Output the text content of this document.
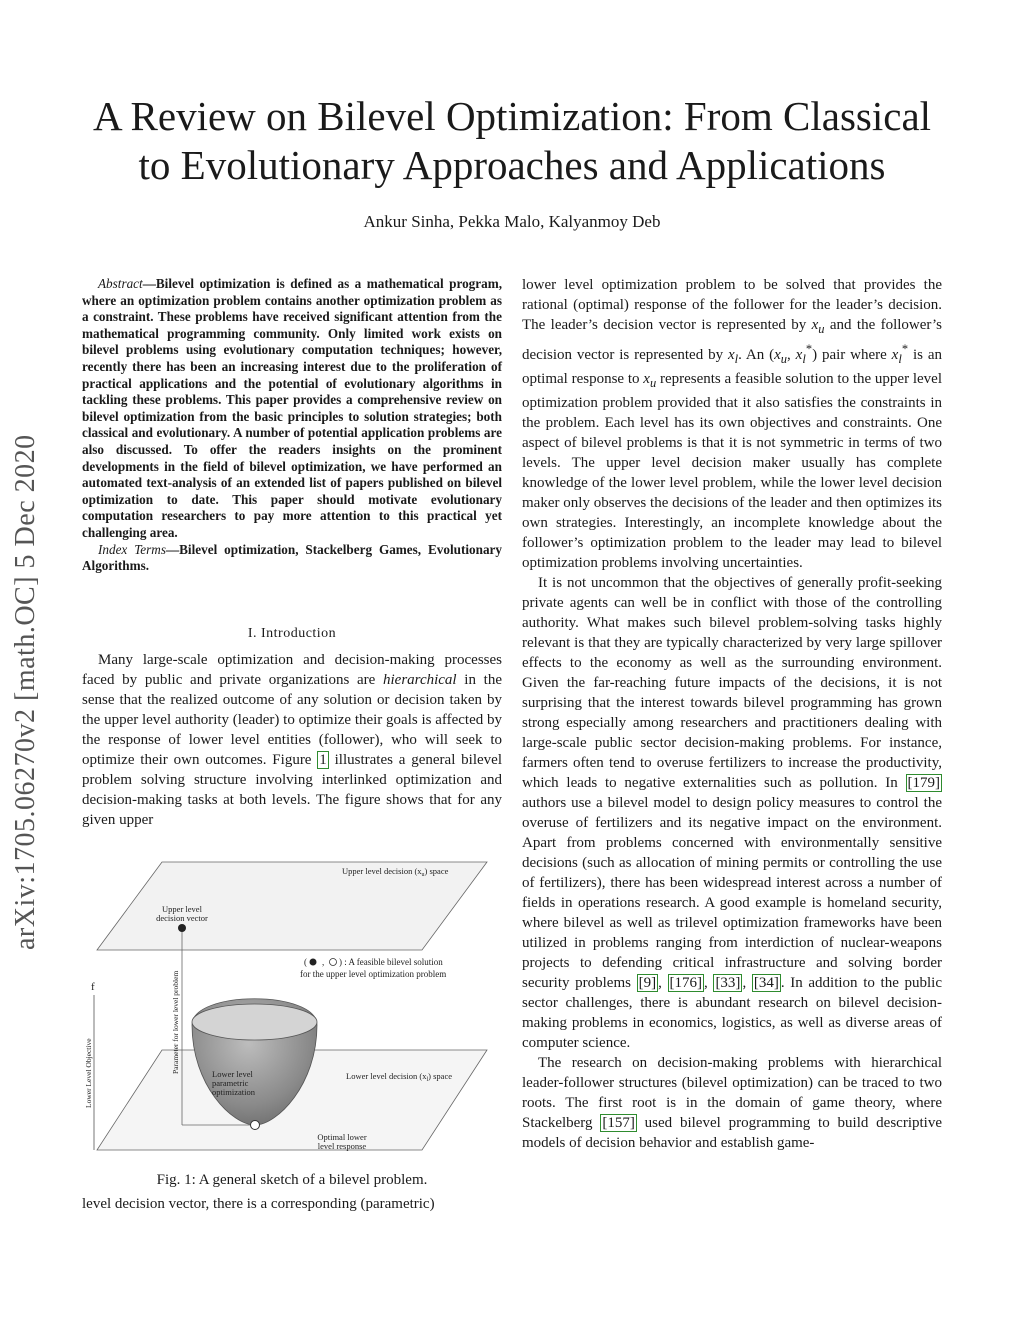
A Review on Bilevel Optimization: From Classical
to Evolutionary Approaches and Applications
Ankur Sinha, Pekka Malo, Kalyanmoy Deb
arXiv:1705.06270v2 [math.OC] 5 Dec 2020

Abstract—Bilevel optimization is defined as a mathematical program, where an optimization problem contains another optimization problem as a constraint. These problems have received significant attention from the mathematical programming community. Only limited work exists on bilevel problems using evolutionary computation techniques; however, recently there has been an increasing interest due to the proliferation of practical applications and the potential of evolutionary algorithms in tackling these problems. This paper provides a comprehensive review on bilevel optimization from the basic principles to solution strategies; both classical and evolutionary. A number of potential application problems are also discussed. To offer the readers insights on the prominent developments in the field of bilevel optimization, we have performed an automated text-analysis of an extended list of papers published on bilevel optimization to date. This paper should motivate evolutionary computation researchers to pay more attention to this practical yet challenging area.

Index Terms—Bilevel optimization, Stackelberg Games, Evolutionary Algorithms.

I. Introduction

Many large-scale optimization and decision-making processes faced by public and private organizations are hierarchical in the sense that the realized outcome of any solution or decision taken by the upper level authority (leader) to optimize their goals is affected by the response of lower level entities (follower), who will seek to optimize their own outcomes. Figure 1 illustrates a general bilevel problem solving structure involving interlinked optimization and decision-making tasks at both levels. The figure shows that for any given upper

Upper level decision $(x_u)$ space
Upper level
decision vector
( , ) : A feasible bilevel solution
for the upper level optimization problem
f
Lower Level Objective	Parameter for lower level problem	Lower level
parametric
optimization
Lower level decision $(x_l)$ space
Optimal lower
level response
Fig. 1: A general sketch of a bilevel problem.
level decision vector, there is a corresponding (parametric)

lower level optimization problem to be solved that provides the rational (optimal) response of the follower for the leader’s decision. The leader’s decision vector is represented by $x_u$ and the follower’s decision vector is represented by $x_l$. An ($x_u$, $x_l^*$) pair where $x_l^*$ is an optimal response to $x_u$ represents a feasible solution to the upper level optimization problem provided that it also satisfies the constraints in the problem. Each level has its own objectives and constraints. One aspect of bilevel problems is that it is not symmetric in terms of two levels. The upper level decision maker usually has complete knowledge of the lower level problem, while the lower level decision maker only observes the decisions of the leader and then optimizes its own strategies. Interestingly, an incomplete knowledge about the follower’s optimization problem to the leader may lead to bilevel optimization problems involving uncertainties.

It is not uncommon that the objectives of generally profit-seeking private agents can well be in conflict with those of the controlling authority. What makes such bilevel problem-solving tasks highly relevant is that they are typically characterized by very large spillover effects to the economy as well as the surrounding environment. Given the far-reaching future impacts of the decisions, it is not surprising that the interest towards bilevel programming has grown strong especially among researchers and practitioners dealing with large-scale public sector decision-making problems. For instance, farmers often tend to overuse fertilizers to increase the productivity, which leads to negative externalities such as pollution. In [179] authors use a bilevel model to design policy measures to control the overuse of fertilizers and its negative impact on the environment. Apart from problems concerned with environmentally sensitive decisions (such as allocation of mining permits or controlling the use of fertilizers), there has been widespread interest across a number of fields in operations research. A good example is homeland security, where bilevel as well as trilevel optimization frameworks have been utilized in problems ranging from interdiction of nuclear-weapons projects to defending critical infrastructure and solving border security problems [9] , [176] , [33] , [34] . In addition to the public sector challenges, there is abundant research on bilevel decision-making problems in economics, logistics, as well as diverse areas of computer science.

The research on decision-making problems with hierarchical leader-follower structures (bilevel optimization) can be traced to two roots. The first root is in the domain of game theory, where Stackelberg [157] used bilevel programming to build descriptive models of decision behavior and establish game-
